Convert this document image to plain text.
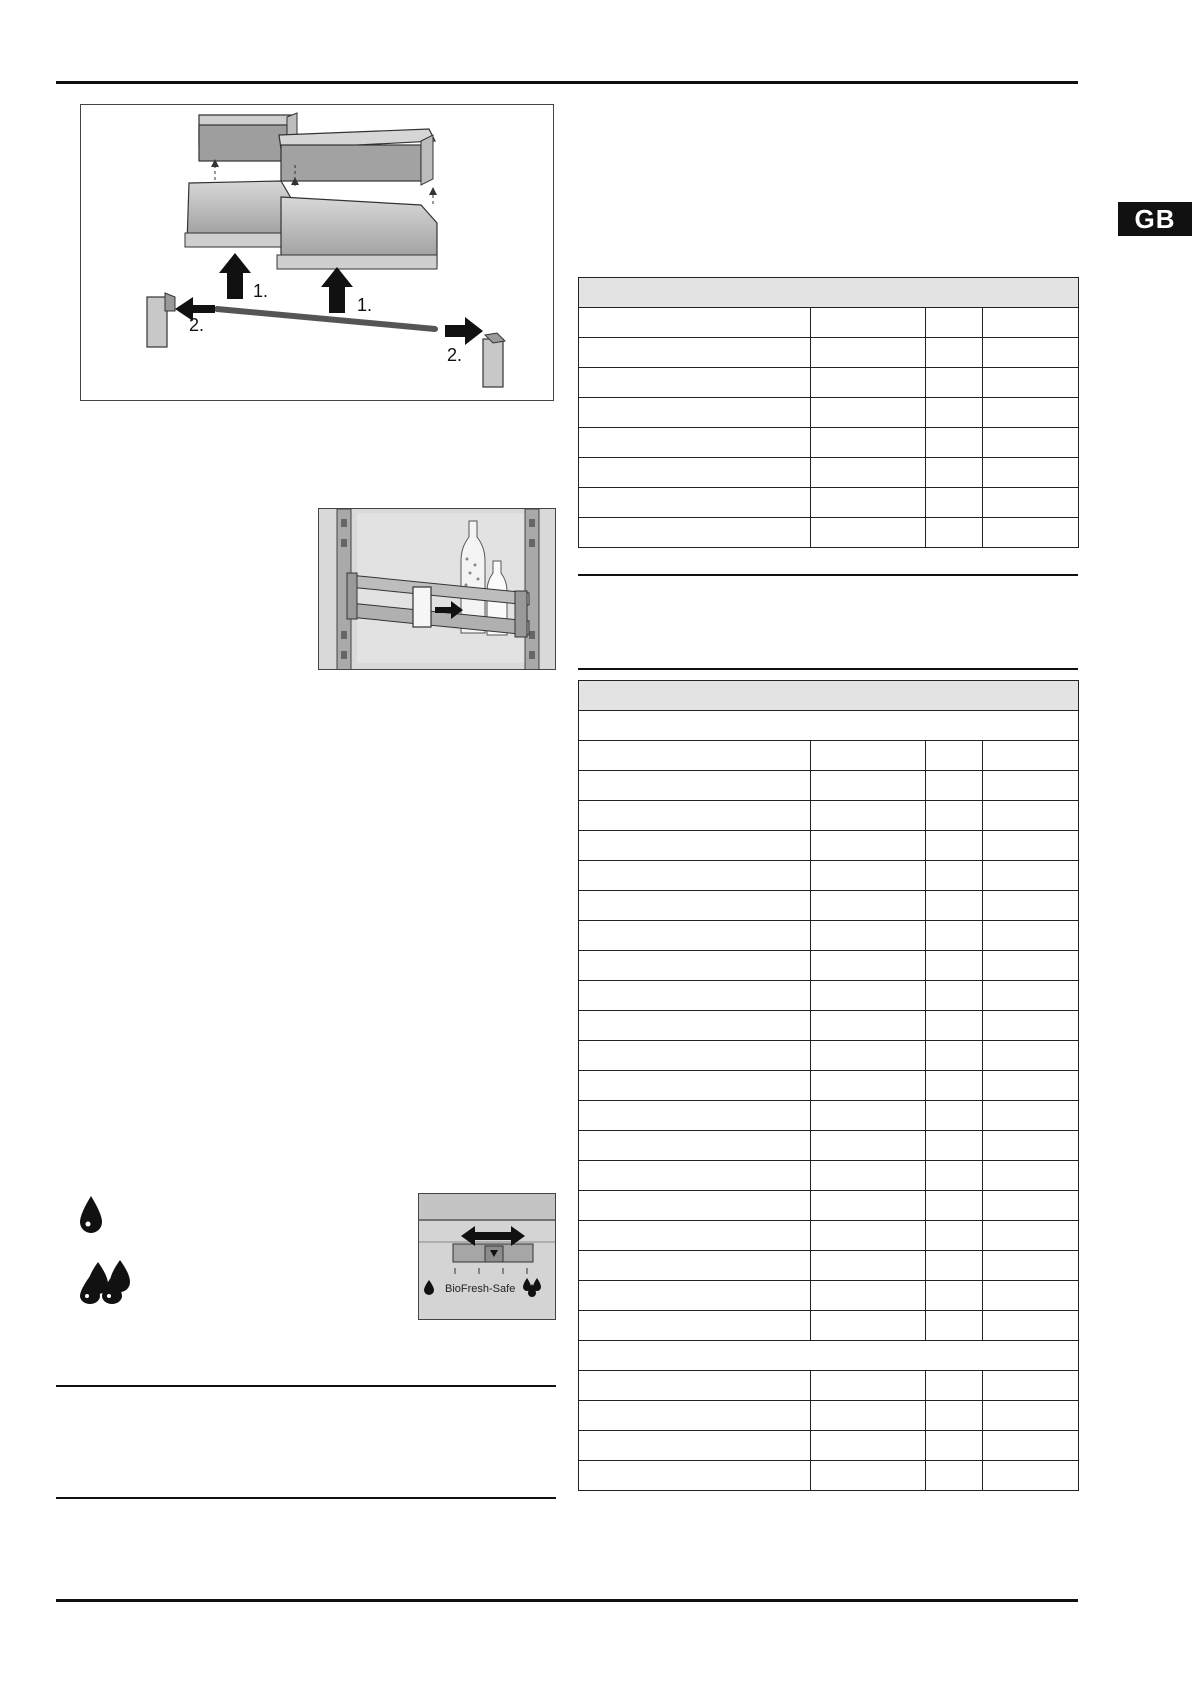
GB
1.
1.
2.
2.
BioFresh-Safe
